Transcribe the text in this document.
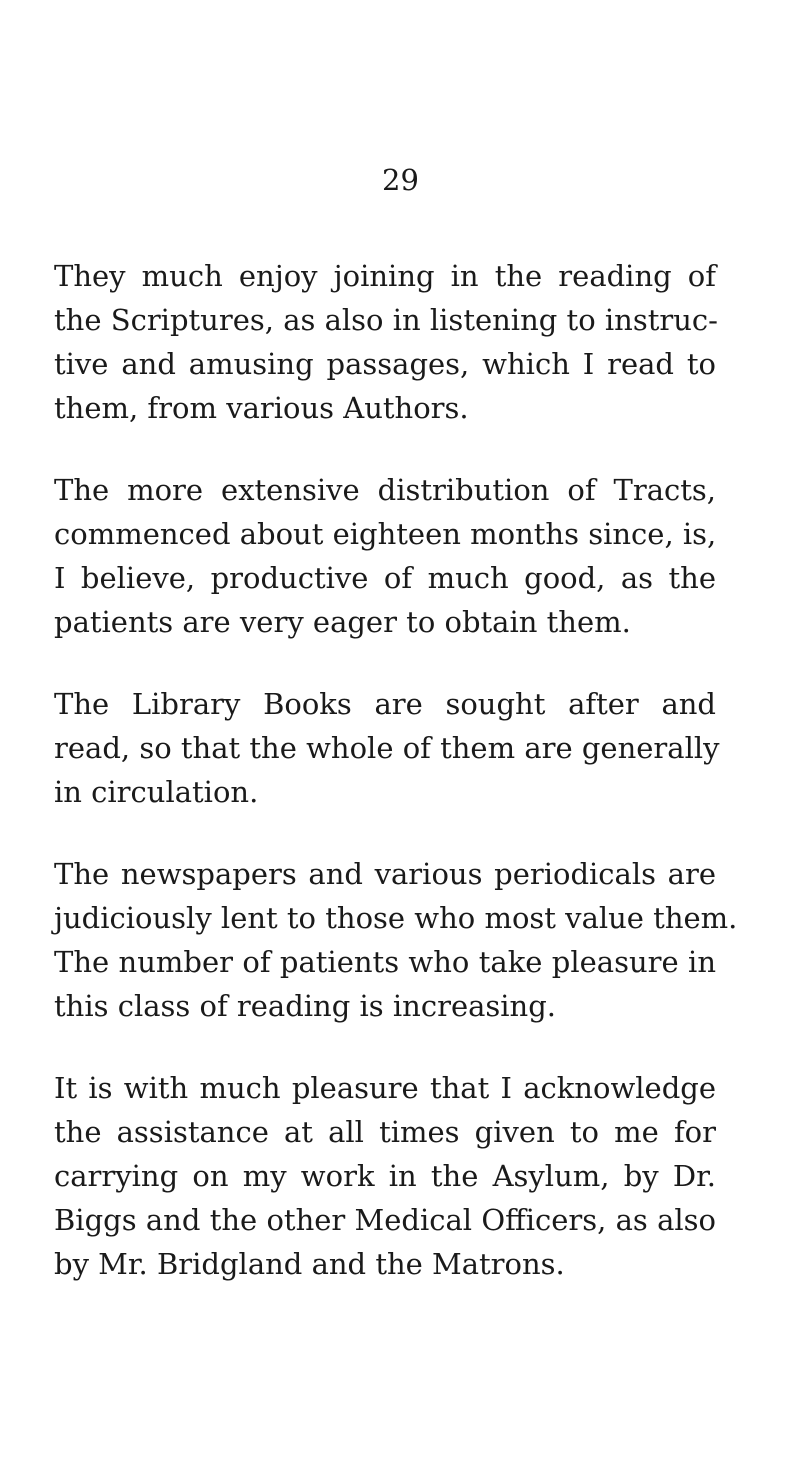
29
They much enjoy joining in the reading of
the Scriptures, as also in listening to instruc-
tive and amusing passages, which I read to
them, from various Authors.
The more extensive distribution of Tracts,
commenced about eighteen months since, is,
I believe, productive of much good, as the
patients are very eager to obtain them.
The Library Books are sought after and
read, so that the whole of them are generally
in circulation.
The newspapers and various periodicals are
judiciously lent to those who most value them.
The number of patients who take pleasure in
this class of reading is increasing.
It is with much pleasure that I acknowledge
the assistance at all times given to me for
carrying on my work in the Asylum, by Dr.
Biggs and the other Medical Officers, as also
by Mr. Bridgland and the Matrons.
